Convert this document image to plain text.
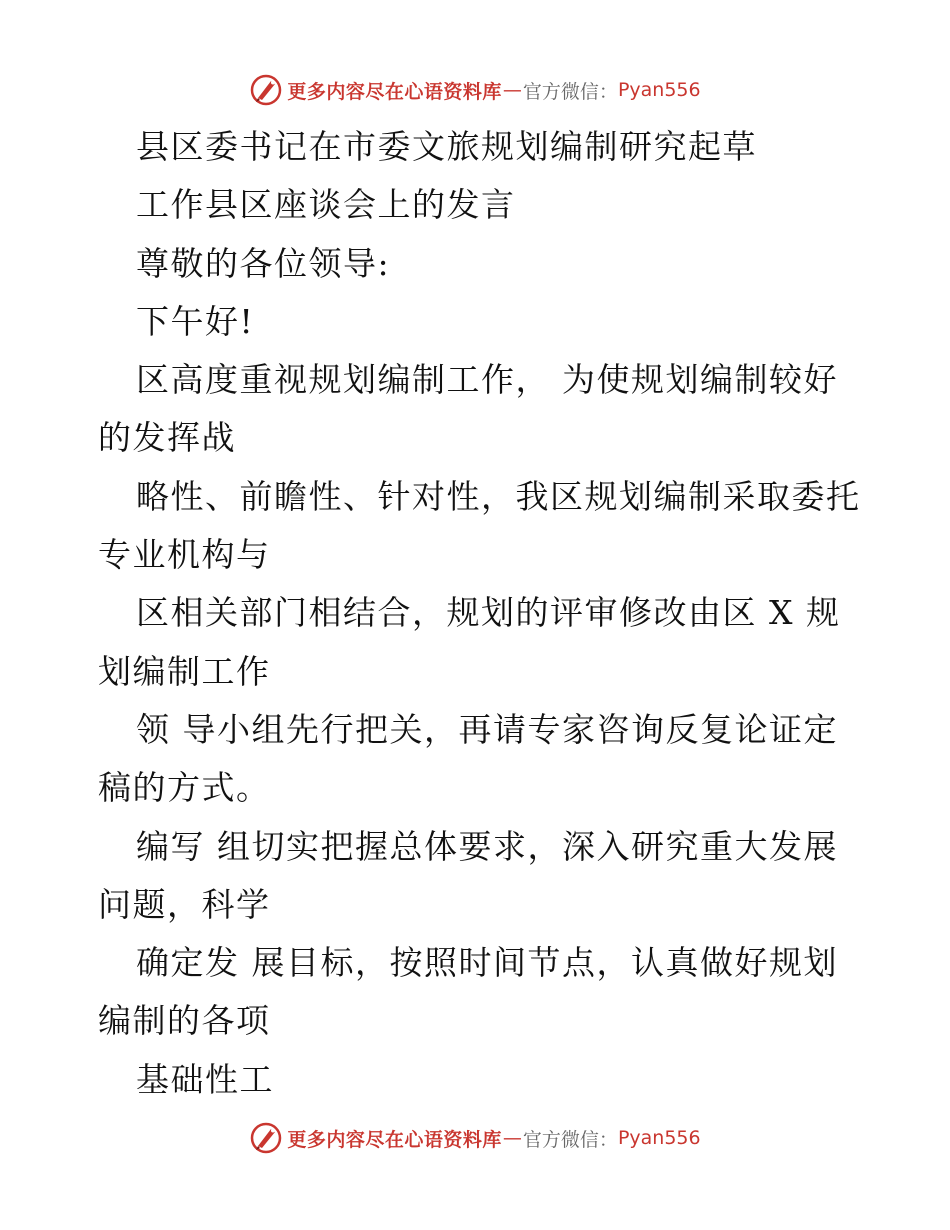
更多内容尽在心语资料库 — 官方微信： Pyan556
县区委书记在市委文旅规划编制研究起草
工作县区座谈会上的发言
尊敬的各位领导:
下午好!
区高度重视规划编制工作， 为使规划编制较好
的发挥战
略性、前瞻性、针对性，我区规划编制采取委托
专业机构与
区相关部门相结合，规划的评审修改由区 X 规
划编制工作
领 导小组先行把关，再请专家咨询反复论证定
稿的方式。
编写 组切实把握总体要求，深入研究重大发展
问题，科学
确定发 展目标，按照时间节点，认真做好规划
编制的各项
基础性工
更多内容尽在心语资料库 — 官方微信： Pyan556
